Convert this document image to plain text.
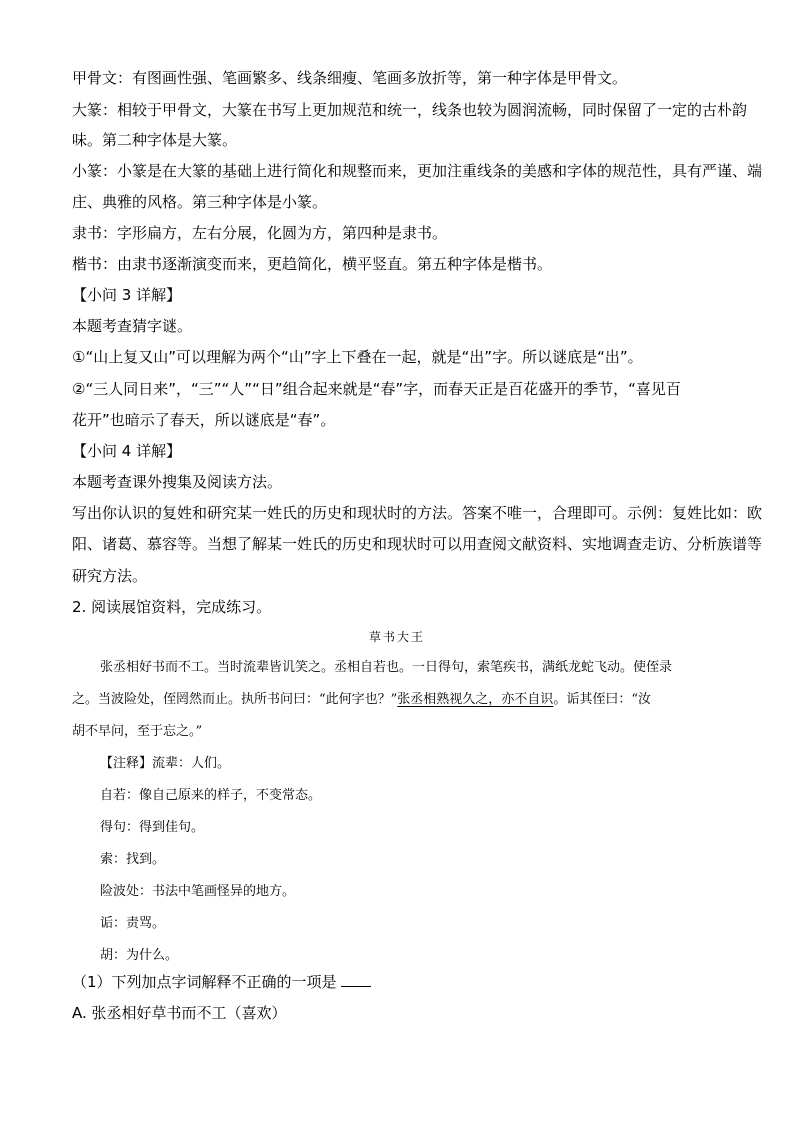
甲骨文：有图画性强、笔画繁多、线条细瘦、笔画多放折等，第一种字体是甲骨文。

大篆：相较于甲骨文，大篆在书写上更加规范和统一，线条也较为圆润流畅，同时保留了一定的古朴韵

味。第二种字体是大篆。

小篆：小篆是在大篆的基础上进行简化和规整而来，更加注重线条的美感和字体的规范性，具有严谨、端

庄、典雅的风格。第三种字体是小篆。

隶书：字形扁方，左右分展，化圆为方，第四种是隶书。

楷书：由隶书逐渐演变而来，更趋简化，横平竖直。第五种字体是楷书。

【小问 3 详解】

本题考查猜字谜。

①“山上复又山”可以理解为两个“山”字上下叠在一起，就是“出”字。所以谜底是“出”。

②“三人同日来”，“三”“人”“日”组合起来就是“春”字，而春天正是百花盛开的季节，“喜见百

花开”也暗示了春天，所以谜底是“春”。

【小问 4 详解】

本题考查课外搜集及阅读方法。

写出你认识的复姓和研究某一姓氏的历史和现状时的方法。答案不唯一，合理即可。示例：复姓比如：欧

阳、诸葛、慕容等。当想了解某一姓氏的历史和现状时可以用查阅文献资料、实地调查走访、分析族谱等

研究方法。

2. 阅读展馆资料，完成练习。

草书大王

张丞相好书而不工。当时流辈皆讥笑之。丞相自若也。一日得句，索笔疾书，满纸龙蛇飞动。使侄录

之。当波险处，侄罔然而止。执所书问曰：“此何字也？”张丞相熟视久之，亦不自识。诟其侄曰：“汝

胡不早问，至于忘之。”

【注释】流辈：人们。

自若：像自己原来的样子，不变常态。

得句：得到佳句。

索：找到。

险波处：书法中笔画怪异的地方。

诟：责骂。

胡：为什么。

（1）下列加点字词解释不正确的一项是

A. 张丞相好草书而不工（喜欢）
